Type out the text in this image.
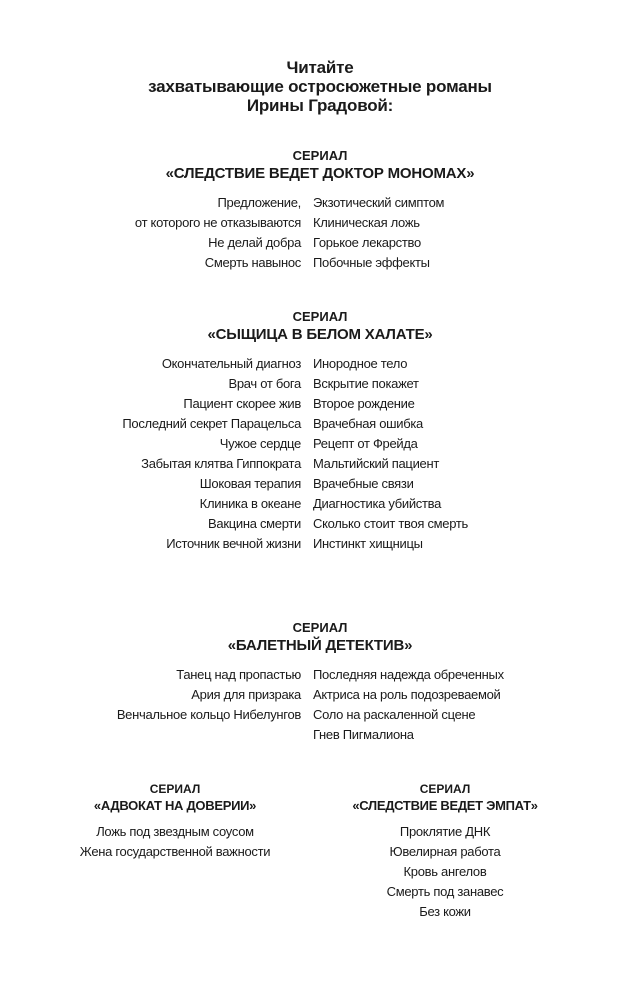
Читайте
захватывающие остросюжетные романы
Ирины Градовой:
СЕРИАЛ
«СЛЕДСТВИЕ ВЕДЕТ ДОКТОР МОНОМАХ»
Предложение,
от которого не отказываются
Не делай добра
Смерть навынос
Экзотический симптом
Клиническая ложь
Горькое лекарство
Побочные эффекты
СЕРИАЛ
«СЫЩИЦА В БЕЛОМ ХАЛАТЕ»
Окончательный диагноз
Врач от бога
Пациент скорее жив
Последний секрет Парацельса
Чужое сердце
Забытая клятва Гиппократа
Шоковая терапия
Клиника в океане
Вакцина смерти
Источник вечной жизни
Инородное тело
Вскрытие покажет
Второе рождение
Врачебная ошибка
Рецепт от Фрейда
Мальтийский пациент
Врачебные связи
Диагностика убийства
Сколько стоит твоя смерть
Инстинкт хищницы
СЕРИАЛ
«БАЛЕТНЫЙ ДЕТЕКТИВ»
Танец над пропастью
Ария для призрака
Венчальное кольцо Нибелунгов
Последняя надежда обреченных
Актриса на роль подозреваемой
Соло на раскаленной сцене
Гнев Пигмалиона
СЕРИАЛ
«АДВОКАТ НА ДОВЕРИИ»
Ложь под звездным соусом
Жена государственной важности
СЕРИАЛ
«СЛЕДСТВИЕ ВЕДЕТ ЭМПАТ»
Проклятие ДНК
Ювелирная работа
Кровь ангелов
Смерть под занавес
Без кожи
